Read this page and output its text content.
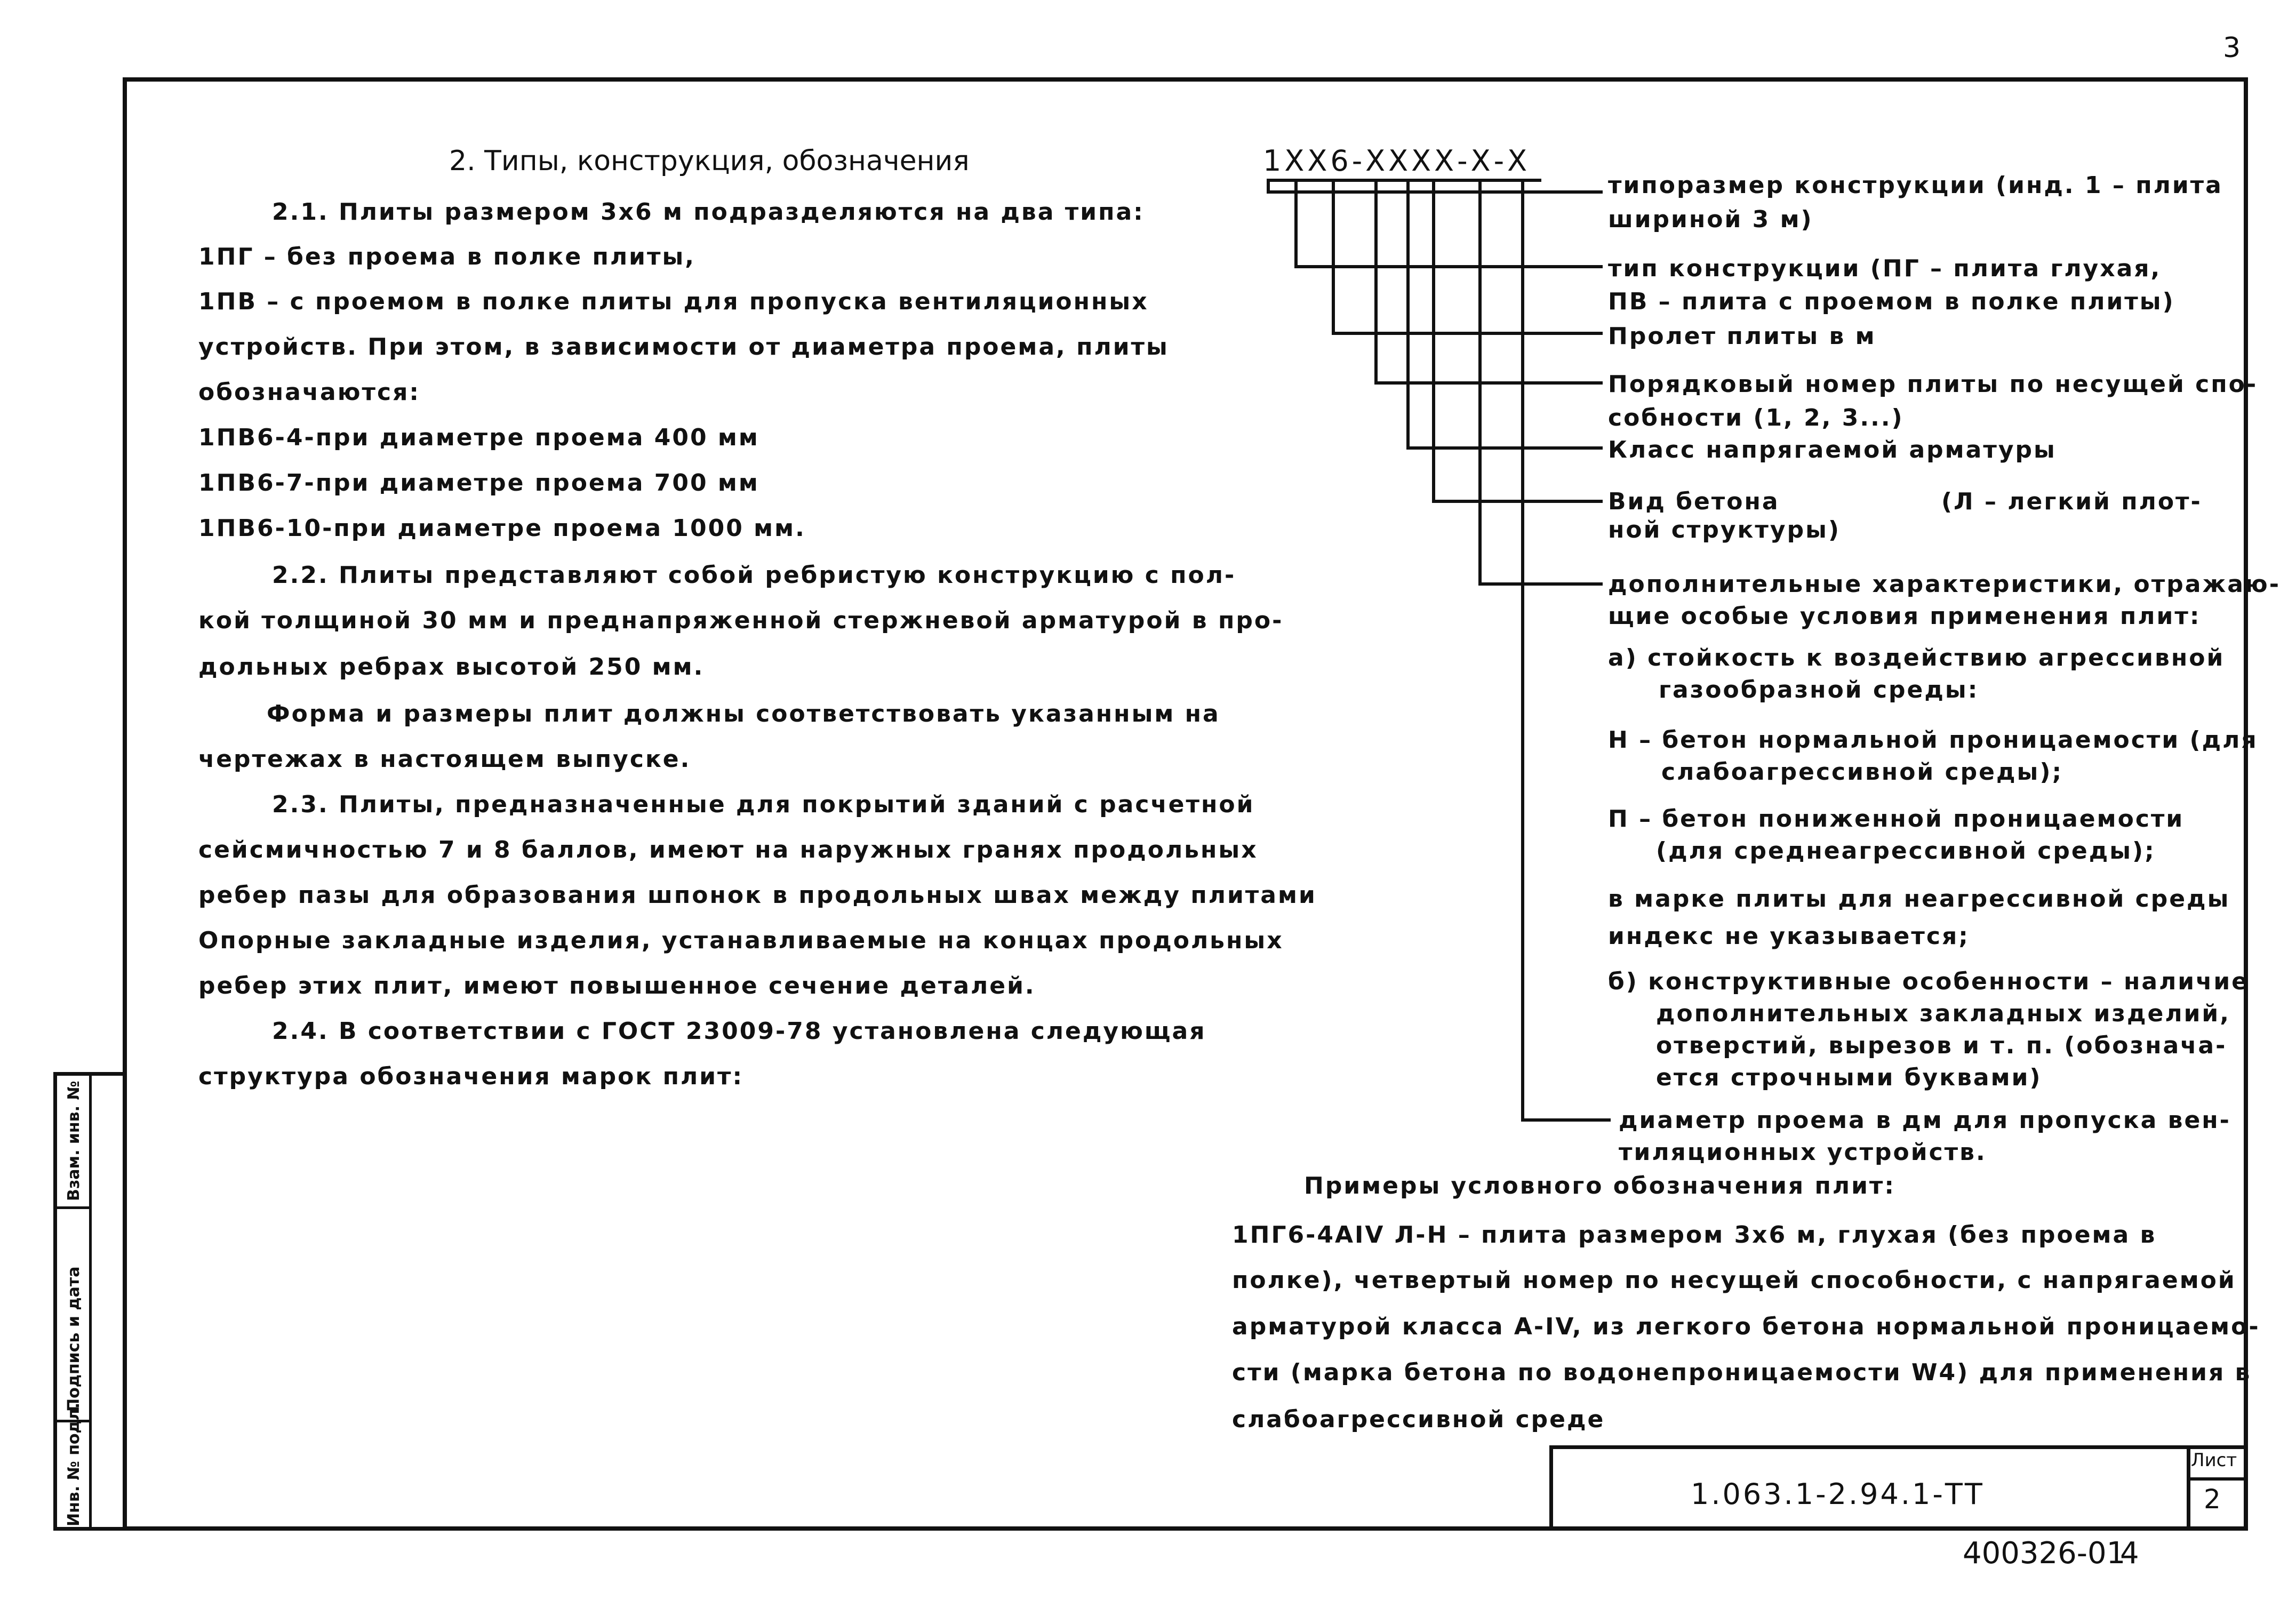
3
Взам. инв. №
Подпись и дата
Инв. № подл.
2. Типы, конструкция, обозначения
2.1. Плиты размером 3х6 м подразделяются на два типа:
1ПГ – без проема в полке плиты,
1ПВ – с проемом в полке плиты для пропуска вентиляционных
устройств. При этом, в зависимости от диаметра проема, плиты
обозначаются:
1ПВ6-4-при диаметре проема 400 мм
1ПВ6-7-при диаметре проема 700 мм
1ПВ6-10-при диаметре проема 1000 мм.
2.2. Плиты представляют собой ребристую конструкцию с пол-
кой толщиной 30 мм и преднапряженной стержневой арматурой в про-
дольных ребрах высотой 250 мм.
Форма и размеры плит должны соответствовать указанным на
чертежах в настоящем выпуске.
2.3. Плиты, предназначенные для покрытий зданий с расчетной
сейсмичностью 7 и 8 баллов, имеют на наружных гранях продольных
ребер пазы для образования шпонок в продольных швах между плитами
Опорные закладные изделия, устанавливаемые на концах продольных
ребер этих плит, имеют повышенное сечение деталей.
2.4. В соответствии с ГОСТ 23009-78 установлена следующая
структура обозначения марок плит:
1ХХ6-ХХХХ-Х-Х
типоразмер конструкции (инд. 1 – плита
шириной 3 м)
тип конструкции (ПГ – плита глухая,
ПВ – плита с проемом в полке плиты)
Пролет плиты в м
Порядковый номер плиты по несущей спо-
собности (1, 2, 3...)
Класс напрягаемой арматуры
Вид бетона	(Л – легкий плот-
ной структуры)
дополнительные характеристики, отражаю-
щие особые условия применения плит:
а) стойкость к воздействию агрессивной
газообразной среды:
Н – бетон нормальной проницаемости (для
слабоагрессивной среды);
П – бетон пониженной проницаемости
(для среднеагрессивной среды);
в марке плиты для неагрессивной среды
индекс не указывается;
б) конструктивные особенности – наличие
дополнительных закладных изделий,
отверстий, вырезов и т. п. (обознача-
ется строчными буквами)
диаметр проема в дм для пропуска вен-
тиляционных устройств.
Примеры условного обозначения плит:
1ПГ6-4АIV Л-Н – плита размером 3х6 м, глухая (без проема в
полке), четвертый номер по несущей способности, с напрягаемой
арматурой класса А-IV, из легкого бетона нормальной проницаемо-
сти (марка бетона по водонепроницаемости W4) для применения в
слабоагрессивной среде
1.063.1-2.94.1-ТТ
Лист
2
400326-01
4
